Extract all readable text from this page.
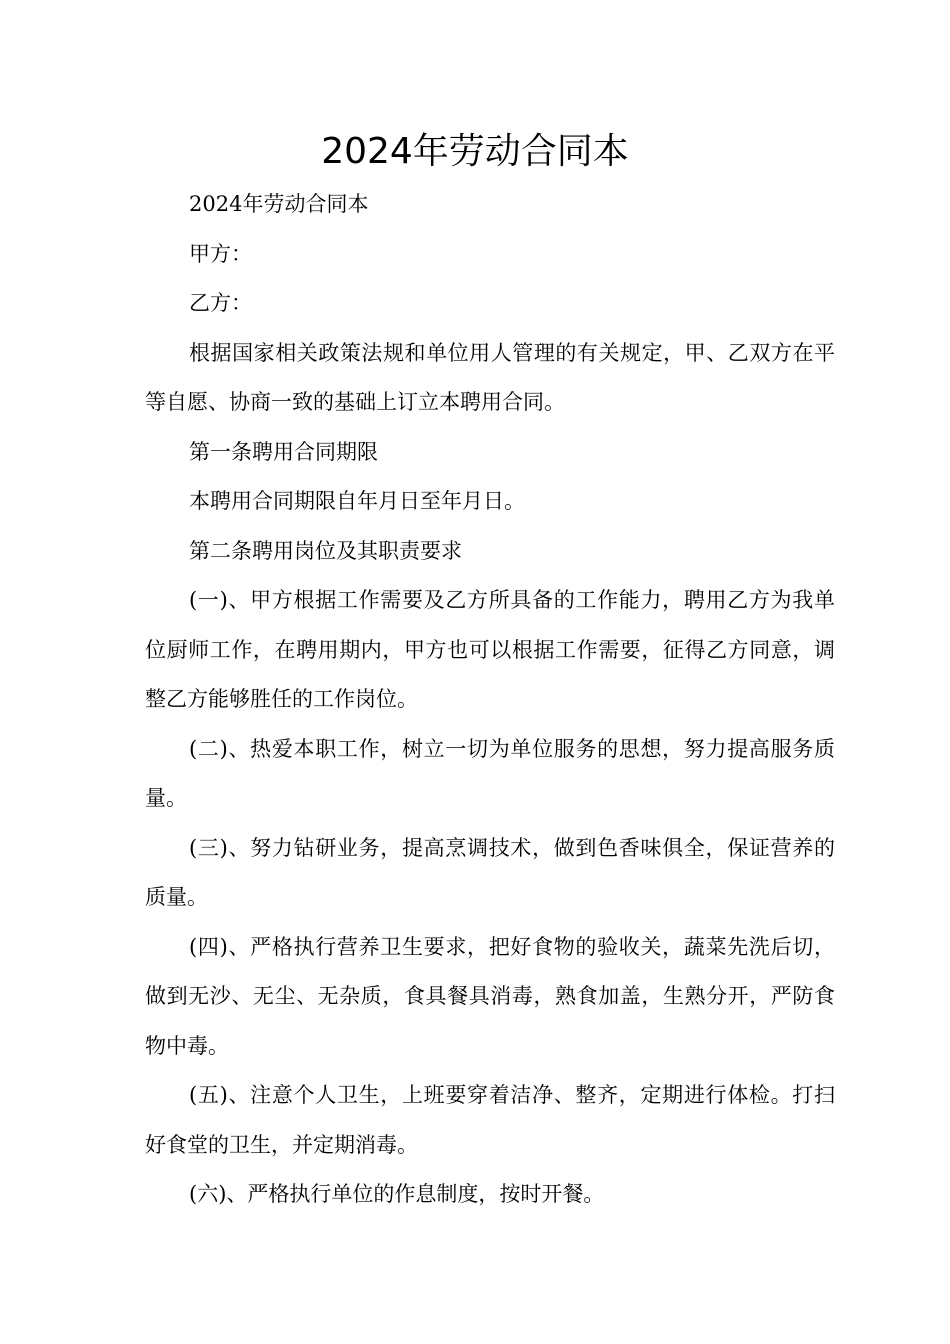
2024年劳动合同本

2024年劳动合同本

甲方：

乙方：

根据国家相关政策法规和单位用人管理的有关规定，甲、乙双方在平等自愿、协商一致的基础上订立本聘用合同。

第一条聘用合同期限

本聘用合同期限自年月日至年月日。

第二条聘用岗位及其职责要求

(一)、甲方根据工作需要及乙方所具备的工作能力，聘用乙方为我单位厨师工作，在聘用期内，甲方也可以根据工作需要，征得乙方同意，调整乙方能够胜任的工作岗位。

(二)、热爱本职工作，树立一切为单位服务的思想，努力提高服务质量。

(三)、努力钻研业务，提高烹调技术，做到色香味俱全，保证营养的质量。

(四)、严格执行营养卫生要求，把好食物的验收关，蔬菜先洗后切，做到无沙、无尘、无杂质，食具餐具消毒，熟食加盖，生熟分开，严防食物中毒。

(五)、注意个人卫生，上班要穿着洁净、整齐，定期进行体检。打扫好食堂的卫生，并定期消毒。

(六)、严格执行单位的作息制度，按时开餐。
